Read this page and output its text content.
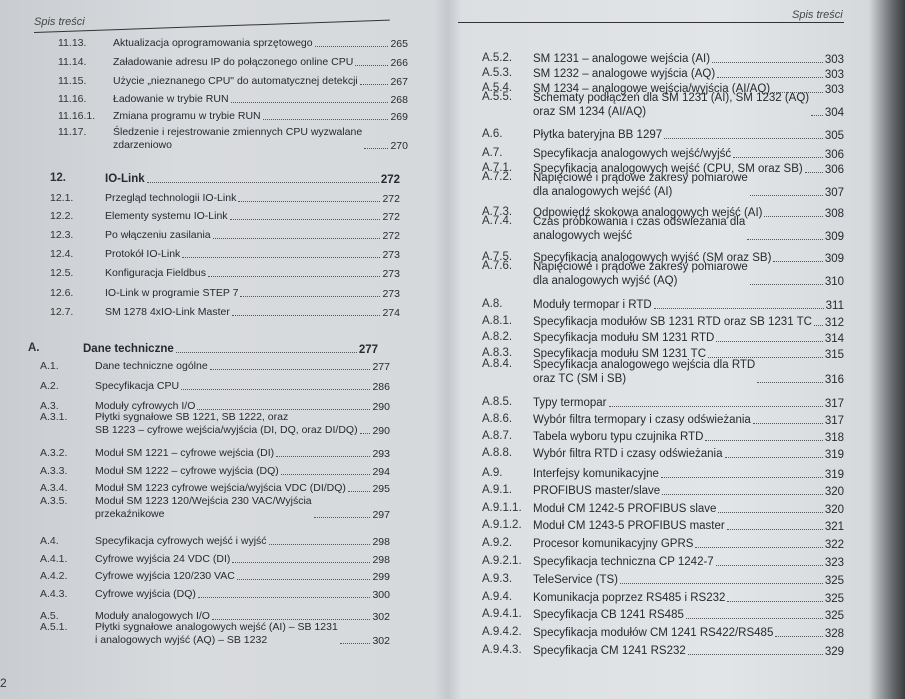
Spis treści
11.13.	Aktualizacja oprogramowania sprzętowego	265
11.14.	Załadowanie adresu IP do połączonego online CPU	266
11.15.	Użycie „nieznanego CPU" do automatycznej detekcji	267
11.16.	Ładowanie w trybie RUN	268
11.16.1. Zmiana programu w trybie RUN	269
11.17.	Śledzenie i rejestrowanie zmiennych CPU wyzwalane
zdarzeniowo	270
12.	IO-Link	272
12.1.	Przegląd technologii IO-Link	272
12.2.	Elementy systemu IO-Link	272
12.3.	Po włączeniu zasilania	272
12.4.	Protokół IO-Link	273
12.5.	Konfiguracja Fieldbus	273
12.6.	IO-Link w programie STEP 7	273
12.7.	SM 1278 4xIO-Link Master	274
A.	Dane techniczne	277
A.1.	Dane techniczne ogólne	277
A.2.	Specyfikacja CPU	286
A.3.	Moduły cyfrowych I/O	290
A.3.1.	Płytki sygnałowe SB 1221, SB 1222, oraz
SB 1223 – cyfrowe wejścia/wyjścia (DI, DQ, oraz DI/DQ) 290
A.3.2.	Moduł SM 1221 – cyfrowe wejścia (DI)	293
A.3.3.	Moduł SM 1222 – cyfrowe wyjścia (DQ)	294
A.3.4.	Moduł SM 1223 cyfrowe wejścia/wyjścia VDC (DI/DQ)	295
A.3.5.	Moduł SM 1223 120/Wejścia 230 VAC/Wyjścia
przekaźnikowe	297
A.4.	Specyfikacja cyfrowych wejść i wyjść	298
A.4.1.	Cyfrowe wyjścia 24 VDC (DI)	298
A.4.2.	Cyfrowe wyjścia 120/230 VAC	299
A.4.3.	Cyfrowe wyjścia (DQ)	300
A.5.	Moduły analogowych I/O	302
A.5.1.	Płytki sygnałowe analogowych wejść (AI) – SB 1231
i analogowych wyjść (AQ) – SB 1232	302
2
Spis treści
A.5.2. SM 1231 – analogowe wejścia (AI)	303
A.5.3. SM 1232 – analogowe wyjścia (AQ)	303
A.5.4. SM 1234 – analogowe wejścia/wyjścia (AI/AQ)	303
A.5.5. Schematy podłączeń dla SM 1231 (AI), SM 1232 (AQ)
oraz SM 1234 (AI/AQ)	304
A.6.	Płytka bateryjna BB 1297	305
A.7.	Specyfikacja analogowych wejść/wyjść	306
A.7.1. Specyfikacja analogowych wejść (CPU, SM oraz SB) 306
A.7.2. Napięciowe i prądowe zakresy pomiarowe
dla analogowych wejść (AI)	307
A.7.3. Odpowiedź skokowa analogowych wejść (AI)	308
A.7.4. Czas próbkowania i czas odświeżania dla
analogowych wejść	309
A.7.5. Specyfikacja analogowych wyjść (SM oraz SB)	309
A.7.6. Napięciowe i prądowe zakresy pomiarowe
dla analogowych wyjść (AQ)	310
A.8.	Moduły termopar i RTD	311
A.8.1. Specyfikacja modułów SB 1231 RTD oraz SB 1231 TC 312
A.8.2. Specyfikacja modułu SM 1231 RTD	314
A.8.3. Specyfikacja modułu SM 1231 TC	315
A.8.4. Specyfikacja analogowego wejścia dla RTD
oraz TC (SM i SB)	316
A.8.5. Typy termopar	317
A.8.6. Wybór filtra termopary i czasy odświeżania	317
A.8.7. Tabela wyboru typu czujnika RTD	318
A.8.8. Wybór filtra RTD i czasy odświeżania	319
A.9.	Interfejsy komunikacyjne	319
A.9.1. PROFIBUS master/slave	320
A.9.1.1. Moduł CM 1242-5 PROFIBUS slave	320
A.9.1.2. Moduł CM 1243-5 PROFIBUS master	321
A.9.2. Procesor komunikacyjny GPRS	322
A.9.2.1. Specyfikacja techniczna CP 1242-7	323
A.9.3. TeleService (TS)	325
A.9.4. Komunikacja poprzez RS485 i RS232	325
A.9.4.1. Specyfikacja CB 1241 RS485	325
A.9.4.2. Specyfikacja modułów CM 1241 RS422/RS485	328
A.9.4.3. Specyfikacja CM 1241 RS232	329
